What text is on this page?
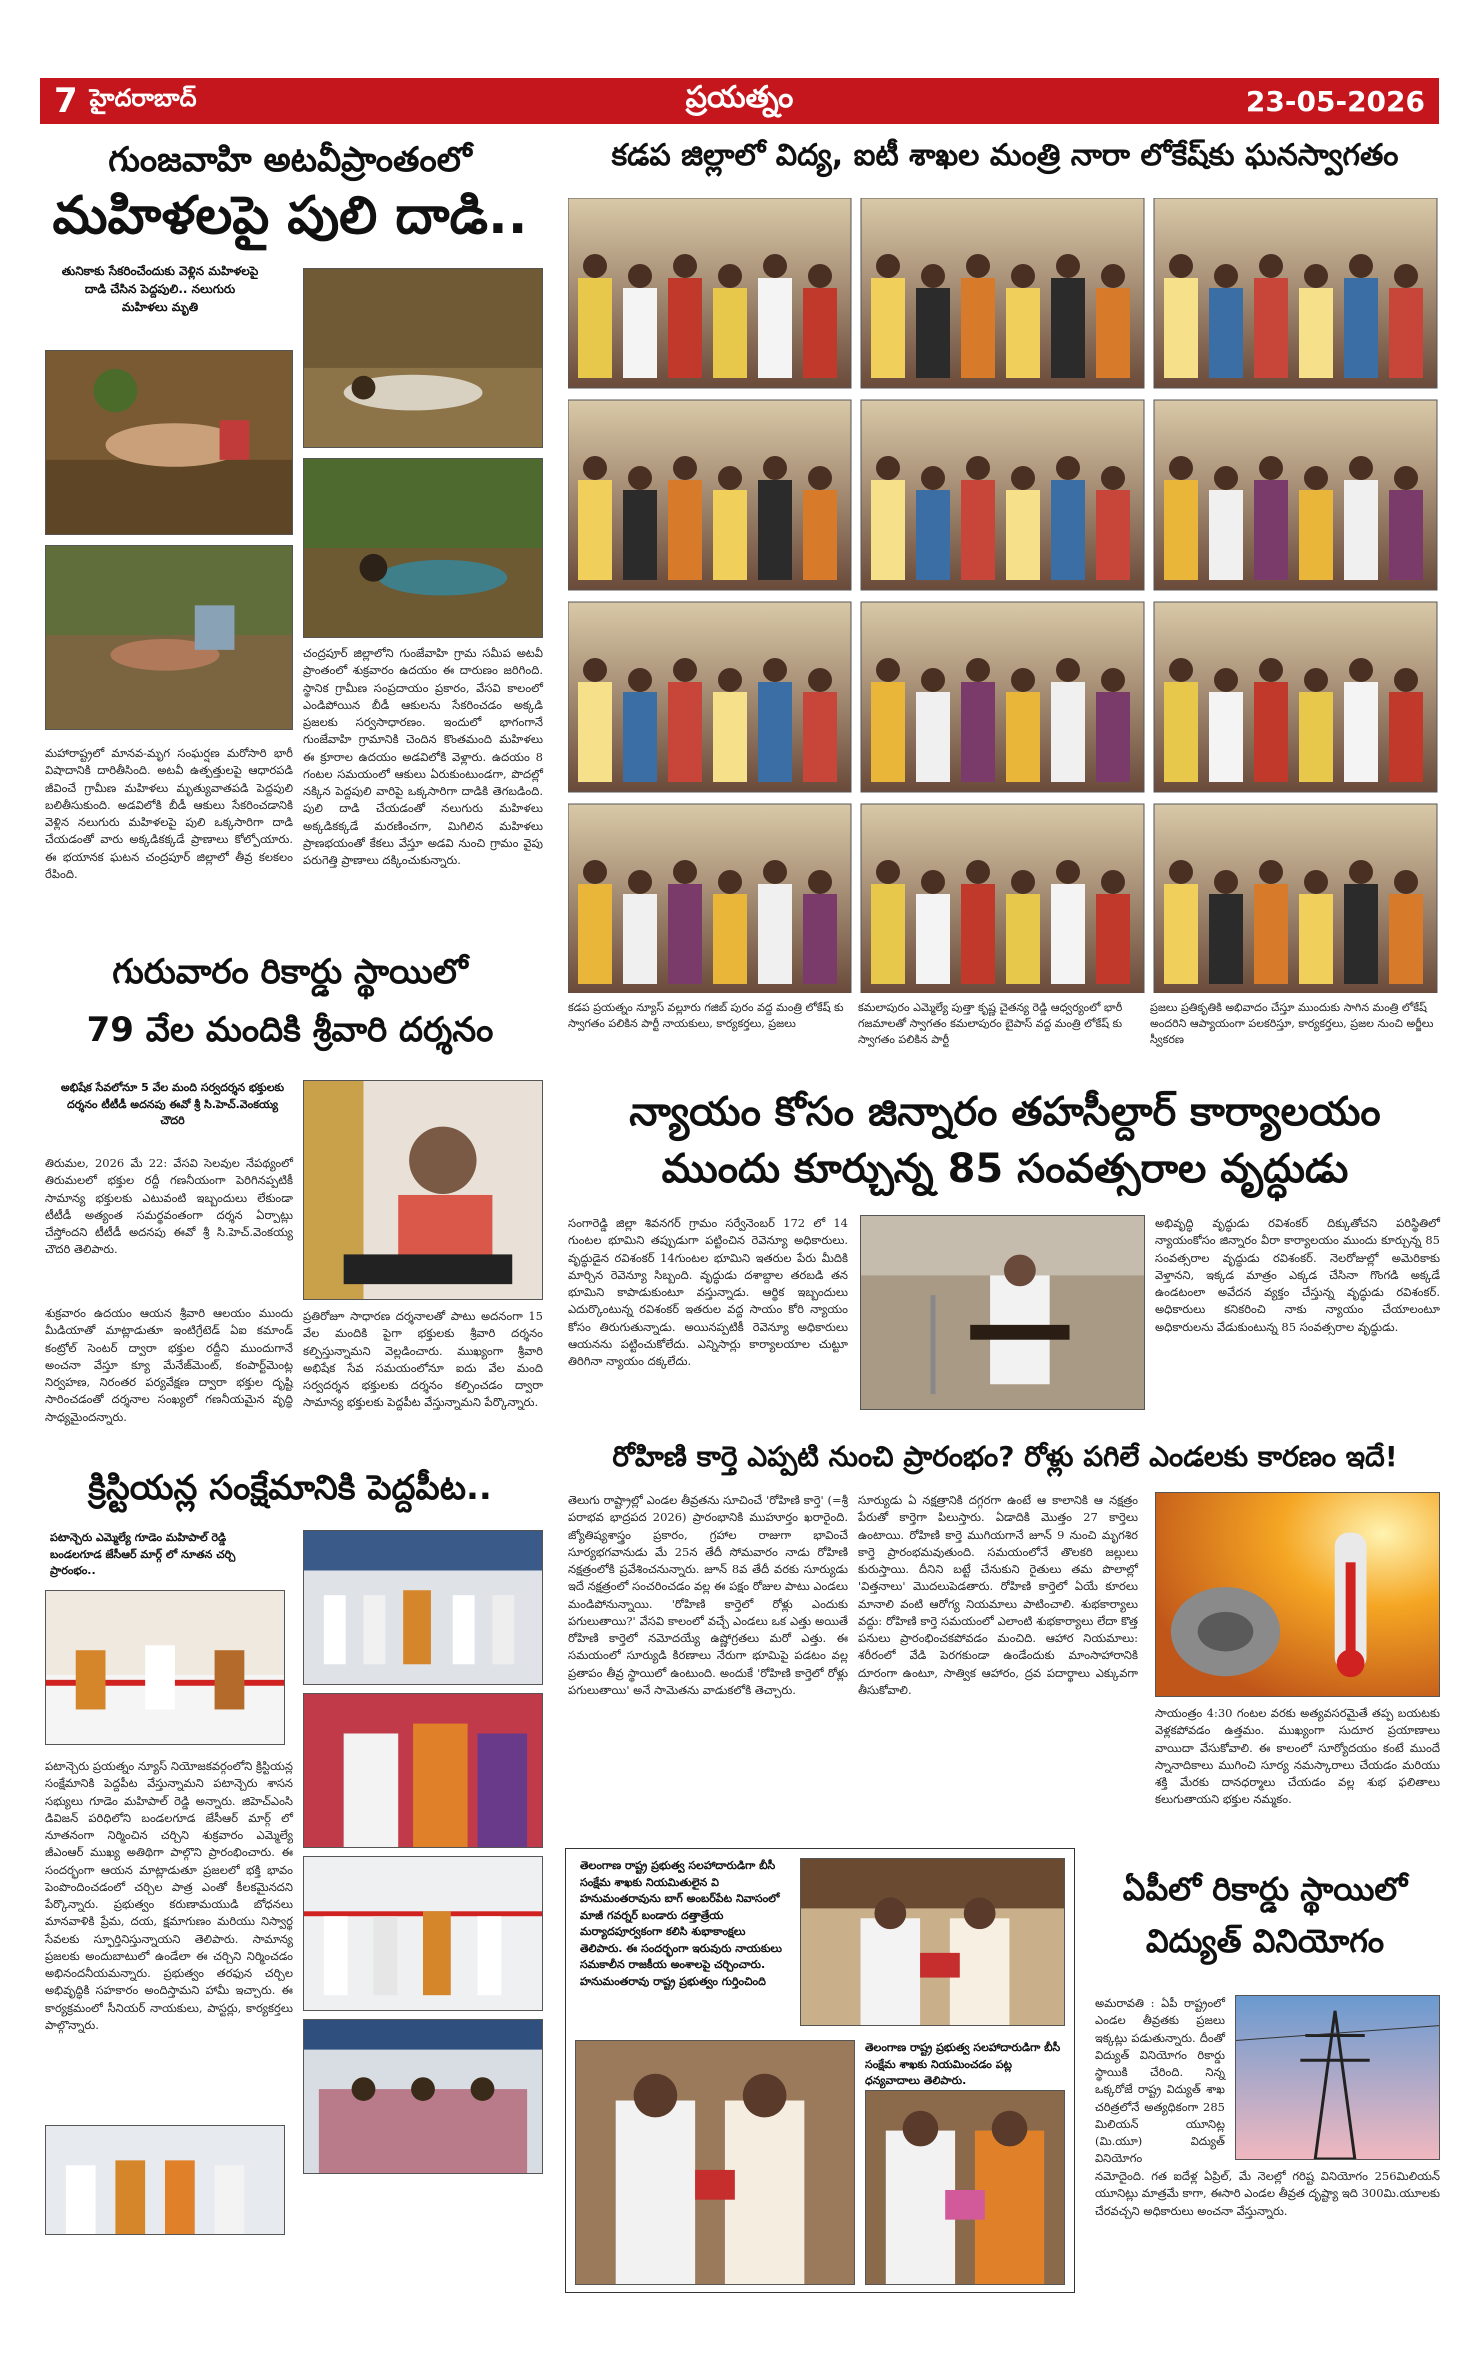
7 హైదరాబాద్	ప్రయత్నం	23-05-2026
గుంజవాహి అటవీప్రాంతంలో
మహిళలపై పులి దాడి..
తునికాకు సేకరించేందుకు వెళ్లిన మహిళలపై దాడి చేసిన పెద్దపులి.. నలుగురు మహిళలు మృతి
చంద్రపూర్ జిల్లాలోని గుంజేవాహి గ్రామ సమీప అటవీ ప్రాంతంలో శుక్రవారం ఉదయం ఈ దారుణం జరిగింది. స్థానిక గ్రామీణ సంప్రదాయం ప్రకారం, వేసవి కాలంలో ఎండిపోయిన బీడీ ఆకులను సేకరించడం అక్కడి ప్రజలకు సర్వసాధారణం. ఇందులో భాగంగానే గుంజేవాహి గ్రామానికి చెందిన కొంతమంది మహిళలు ఈ క్రూరాల ఉదయం అడవిలోకి వెళ్లారు. ఉదయం 8 గంటల సమయంలో ఆకులు ఏరుకుంటుండగా, పొదల్లో నక్కిన పెద్దపులి వారిపై ఒక్కసారిగా దాడికి తెగబడింది. పులి దాడి చేయడంతో నలుగురు మహిళలు అక్కడికక్కడే మరణించగా, మిగిలిన మహిళలు ప్రాణభయంతో కేకలు వేస్తూ అడవి నుంచి గ్రామం వైపు పరుగెత్తి ప్రాణాలు దక్కించుకున్నారు.
మహారాష్ట్రలో మానవ-మృగ సంఘర్షణ మరోసారి భారీ విషాదానికి దారితీసింది. అటవీ ఉత్పత్తులపై ఆధారపడి జీవించే గ్రామీణ మహిళలు మృత్యువాతపడి పెద్దపులి బలితీసుకుంది. అడవిలోకి బీడీ ఆకులు సేకరించడానికి వెళ్లిన నలుగురు మహిళలపై పులి ఒక్కసారిగా దాడి చేయడంతో వారు అక్కడికక్కడే ప్రాణాలు కోల్పోయారు. ఈ భయానక ఘటన చంద్రపూర్ జిల్లాలో తీవ్ర కలకలం రేపింది.
కడప జిల్లాలో విద్య, ఐటీ శాఖల మంత్రి నారా లోకేష్‌కు ఘనస్వాగతం
కడప ప్రయత్నం న్యూస్ వల్లూరు గజిబ్ పురం వద్ద మంత్రి లోకేష్ కు స్వాగతం పలికిన పార్టీ నాయకులు, కార్యకర్తలు, ప్రజలు
కమలాపురం ఎమ్మెల్యే పుత్తా కృష్ణ చైతన్య రెడ్డి ఆధ్వర్యంలో భారీ గజమాలతో స్వాగతం కమలాపురం బైపాస్ వద్ద మంత్రి లోకేష్ కు స్వాగతం పలికిన పార్టీ
ప్రజలు ప్రతికృతికి అభివాదం చేస్తూ ముందుకు సాగిన మంత్రి లోకేష్ అందరిని ఆప్యాయంగా పలకరిస్తూ, కార్యకర్తలు, ప్రజల నుంచి అర్జీలు స్వీకరణ
గురువారం రికార్డు స్థాయిలో
79 వేల మందికి శ్రీవారి దర్శనం
అభిషేక సేవలోనూ 5 వేల మంది సర్వదర్శన భక్తులకు దర్శనం టీటీడీ అదనపు ఈవో శ్రీ సి.హెచ్.వెంకయ్య చౌదరి
తిరుమల, 2026 మే 22: వేసవి సెలవుల నేపథ్యంలో తిరుమలలో భక్తుల రద్దీ గణనీయంగా పెరిగినప్పటికీ సామాన్య భక్తులకు ఎటువంటి ఇబ్బందులు లేకుండా టీటీడీ అత్యంత సమర్థవంతంగా దర్శన ఏర్పాట్లు చేస్తోందని టీటీడీ అదనపు ఈవో శ్రీ సి.హెచ్.వెంకయ్య చౌదరి తెలిపారు.
శుక్రవారం ఉదయం ఆయన శ్రీవారి ఆలయం ముందు మీడియాతో మాట్లాడుతూ ఇంటిగ్రేటెడ్ ఏఐ కమాండ్ కంట్రోల్ సెంటర్ ద్వారా భక్తుల రద్దీని ముందుగానే అంచనా వేస్తూ క్యూ మేనేజ్‌మెంట్, కంపార్ట్‌మెంట్ల నిర్వహణ, నిరంతర పర్యవేక్షణ ద్వారా భక్తుల దృష్టి సారించడంతో దర్శనాల సంఖ్యలో గణనీయమైన వృద్ధి సాధ్యమైందన్నారు.
ప్రతిరోజూ సాధారణ దర్శనాలతో పాటు అదనంగా 15 వేల మందికి పైగా భక్తులకు శ్రీవారి దర్శనం కల్పిస్తున్నామని వెల్లడించారు. ముఖ్యంగా శ్రీవారి అభిషేక సేవ సమయంలోనూ ఐదు వేల మంది సర్వదర్శన భక్తులకు దర్శనం కల్పించడం ద్వారా సామాన్య భక్తులకు పెద్దపీట వేస్తున్నామని పేర్కొన్నారు.
క్రిస్టియన్ల సంక్షేమానికి పెద్దపీట..
పటాన్చెరు ఎమ్మెల్యే గూడెం మహిపాల్ రెడ్డి బండలగూడ జేసీఆర్ మార్గ్ లో నూతన చర్చి ప్రారంభం..
పటాన్చెరు ప్రయత్నం న్యూస్ నియోజకవర్గంలోని క్రిస్టియన్ల సంక్షేమానికి పెద్దపీట వేస్తున్నామని పటాన్చెరు శాసన సభ్యులు గూడెం మహిపాల్ రెడ్డి అన్నారు. జిహెచ్ఎంసి డివిజన్ పరిధిలోని బండలగూడ జేసీఆర్ మార్గ్ లో నూతనంగా నిర్మించిన చర్చిని శుక్రవారం ఎమ్మెల్యే జీఎంఆర్ ముఖ్య అతిథిగా పాల్గొని ప్రారంభించారు. ఈ సందర్భంగా ఆయన మాట్లాడుతూ ప్రజలలో భక్తి భావం పెంపొందించడంలో చర్చిల పాత్ర ఎంతో కీలకమైనదని పేర్కొన్నారు. ప్రభుత్వం కరుణామయుడి బోధనలు మానవాళికి ప్రేమ, దయ, క్షమాగుణం మరియు నిస్వార్థ సేవలకు స్ఫూర్తినిస్తున్నాయని తెలిపారు. సామాన్య ప్రజలకు అందుబాటులో ఉండేలా ఈ చర్చిని నిర్మించడం అభినందనీయమన్నారు. ప్రభుత్వం తరఫున చర్చిల అభివృద్ధికి సహకారం అందిస్తామని హామీ ఇచ్చారు. ఈ కార్యక్రమంలో సీనియర్ నాయకులు, పాస్టర్లు, కార్యకర్తలు పాల్గొన్నారు.
న్యాయం కోసం జిన్నారం తహసీల్దార్ కార్యాలయం
ముందు కూర్చున్న 85 సంవత్సరాల వృద్ధుడు
సంగారెడ్డి జిల్లా శివనగర్ గ్రామం సర్వేనెంబర్ 172 లో 14 గుంటల భూమిని తప్పుడుగా పట్టించిన రెవెన్యూ అధికారులు. వృద్ధుడైన రవిశంకర్ 14గుంటల భూమిని ఇతరుల పేరు మీదికి మార్చిన రెవెన్యూ సిబ్బంది. వృద్ధుడు దశాబ్దాల తరబడి తన భూమిని కాపాడుకుంటూ వస్తున్నాడు. ఆర్థిక ఇబ్బందులు ఎదుర్కొంటున్న రవిశంకర్ ఇతరుల వద్ద సాయం కోరి న్యాయం కోసం తిరుగుతున్నాడు. అయినప్పటికీ రెవెన్యూ అధికారులు ఆయనను పట్టించుకోలేదు. ఎన్నిసార్లు కార్యాలయాల చుట్టూ తిరిగినా న్యాయం దక్కలేదు.
అభివృద్ధి వృద్ధుడు రవిశంకర్ దిక్కుతోచని పరిస్థితిలో న్యాయంకోసం జిన్నారం వీరా కార్యాలయం ముందు కూర్చున్న 85 సంవత్సరాల వృద్ధుడు రవిశంకర్. నెలరోజుల్లో అమెరికాకు వెళ్తానని, ఇక్కడ మాత్రం ఎక్కడ చేసినా గొంగడి అక్కడే ఉండటంలా అవేదన వ్యక్తం చేస్తున్న వృద్ధుడు రవిశంకర్. అధికారులు కనికరించి నాకు న్యాయం చేయాలంటూ అధికారులను వేడుకుంటున్న 85 సంవత్సరాల వృద్ధుడు.
రోహిణి కార్తె ఎప్పటి నుంచి ప్రారంభం? రోళ్లు పగిలే ఎండలకు కారణం ఇదే!
తెలుగు రాష్ట్రాల్లో ఎండల తీవ్రతను సూచించే 'రోహిణి కార్తె' (=శ్రీ పరాభవ భాద్రపద 2026) ప్రారంభానికి ముహూర్తం ఖరారైంది. జ్యోతిష్యశాస్త్రం ప్రకారం, గ్రహాల రాజుగా భావించే సూర్యభగవానుడు మే 25న తేదీ సోమవారం నాడు రోహిణి నక్షత్రంలోకి ప్రవేశించనున్నారు. జూన్ 8వ తేదీ వరకు సూర్యుడు ఇదే నక్షత్రంలో సంచరించడం వల్ల ఈ పక్షం రోజుల పాటు ఎండలు మండిపోనున్నాయి. 'రోహిణి కార్తెలో రోళ్లు ఎందుకు పగులుతాయి?' వేసవి కాలంలో వచ్చే ఎండలు ఒక ఎత్తు అయితే రోహిణి కార్తెలో నమోదయ్యే ఉష్ణోగ్రతలు మరో ఎత్తు. ఈ సమయంలో సూర్యుడి కిరణాలు నేరుగా భూమిపై పడటం వల్ల ప్రతాపం తీవ్ర స్థాయిలో ఉంటుంది. అందుకే 'రోహిణి కార్తెలో రోళ్లు పగులుతాయి' అనే సామెతను వాడుకలోకి తెచ్చారు.
సూర్యుడు ఏ నక్షత్రానికి దగ్గరగా ఉంటే ఆ కాలానికి ఆ నక్షత్రం పేరుతో కార్తెగా పిలుస్తారు. ఏడాదికి మొత్తం 27 కార్తెలు ఉంటాయి. రోహిణి కార్తె ముగియగానే జూన్ 9 నుంచి మృగశిర కార్తె ప్రారంభమవుతుంది. సమయంలోనే తొలకరి జల్లులు కురుస్తాయి. దీనిని బట్టే చేనుకుని రైతులు తమ పొలాల్లో 'విత్తనాలు' మొదలుపెడతారు. రోహిణి కార్తెలో ఏయే కూరలు మానాలి వంటి ఆరోగ్య నియమాలు పాటించాలి. శుభకార్యాలు వద్దు: రోహిణి కార్తె సమయంలో ఎలాంటి శుభకార్యాలు లేదా కొత్త పనులు ప్రారంభించకపోవడం మంచిది. ఆహార నియమాలు: శరీరంలో వేడి పెరగకుండా ఉండేందుకు మాంసాహారానికి దూరంగా ఉంటూ, సాత్విక ఆహారం, ద్రవ పదార్థాలు ఎక్కువగా తీసుకోవాలి.
సాయంత్రం 4:30 గంటల వరకు అత్యవసరమైతే తప్ప బయటకు వెళ్లకపోవడం ఉత్తమం. ముఖ్యంగా సుదూర ప్రయాణాలు వాయిదా వేసుకోవాలి. ఈ కాలంలో సూర్యోదయం కంటే ముందే స్నానాదికాలు ముగించి సూర్య నమస్కారాలు చేయడం మరియు శక్తి మేరకు దానధర్మాలు చేయడం వల్ల శుభ ఫలితాలు కలుగుతాయని భక్తుల నమ్మకం.
తెలంగాణ రాష్ట్ర ప్రభుత్వ సలహాదారుడిగా బీసీ సంక్షేమ శాఖకు నియమితులైన వి హనుమంతరావును బాగ్ అంబర్‌పేట నివాసంలో మాజీ గవర్నర్ బండారు దత్తాత్రేయ మర్యాదపూర్వకంగా కలిసి శుభాకాంక్షలు తెలిపారు. ఈ సందర్భంగా ఇరువురు నాయకులు సమకాలీన రాజకీయ అంశాలపై చర్చించారు. హనుమంతరావు రాష్ట్ర ప్రభుత్వం గుర్తించింది
తెలంగాణ రాష్ట్ర ప్రభుత్వ సలహాదారుడిగా బీసీ సంక్షేమ శాఖకు నియమించడం పట్ల ధన్యవాదాలు తెలిపారు.
ఏపీలో రికార్డు స్థాయిలో
విద్యుత్ వినియోగం
అమరావతి : ఏపీ రాష్ట్రంలో ఎండల తీవ్రతకు ప్రజలు ఇక్కట్లు పడుతున్నారు. దీంతో విద్యుత్ వినియోగం రికార్డు స్థాయికి చేరింది. నిన్న ఒక్కరోజే రాష్ట్ర విద్యుత్ శాఖ చరిత్రలోనే అత్యధికంగా 285 మిలియన్ యూనిట్ల (మి.యూ) విద్యుత్ వినియోగం
నమోదైంది. గత ఐదేళ్ల ఏప్రిల్, మే నెలల్లో గరిష్ట వినియోగం 256మిలియన్ యూనిట్లు మాత్రమే కాగా, ఈసారి ఎండల తీవ్రత దృష్ట్యా ఇది 300మి.యూలకు చేరవచ్చని అధికారులు అంచనా వేస్తున్నారు.
